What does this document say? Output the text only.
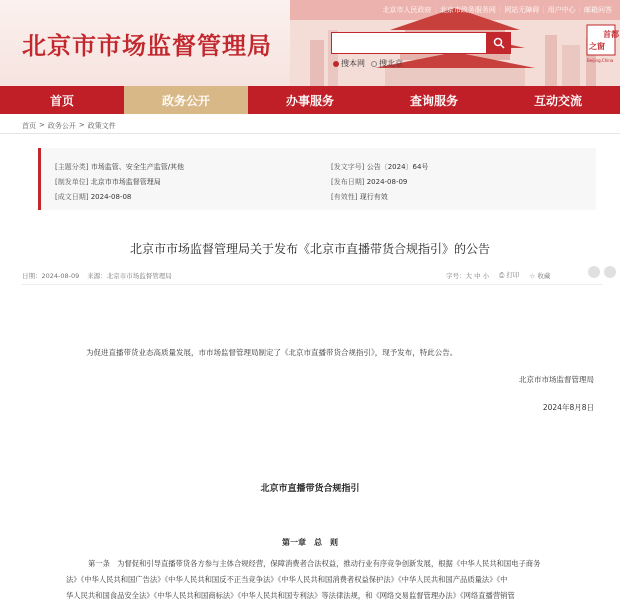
北京市人民政府 | 北京市政务服务网 | 网站无障碍 | 用户中心 | 邮箱问答
北京市市场监督管理局
搜本网	搜北京
首都
之窗
Beijing.China
首页	政务公开	办事服务	查询服务	互动交流
首页 > 政务公开 > 政策文件
[主题分类] 市场监管、安全生产监管/其他	[发文字号] 公告〔2024〕64号
[制发单位] 北京市市场监督管理局	[发布日期] 2024-08-09
[成文日期] 2024-08-08	[有效性] 现行有效
北京市市场监督管理局关于发布《北京市直播带货合规指引》的公告
日期：2024-08-09 来源：北京市市场监督管理局	字号：大 中 小 ⎙ 打印 ☆ 收藏
为促进直播带货业态高质量发展，市市场监督管理局制定了《北京市直播带货合规指引》，现予发布，特此公告。
北京市市场监督管理局
2024年8月8日
北京市直播带货合规指引
第一章　总　则
第一条　为督促和引导直播带货各方参与主体合规经营，保障消费者合法权益，推动行业有序竞争创新发展，根据《中华人民共和国电子商务
法》《中华人民共和国广告法》《中华人民共和国反不正当竞争法》《中华人民共和国消费者权益保护法》《中华人民共和国产品质量法》《中
华人民共和国食品安全法》《中华人民共和国商标法》《中华人民共和国专利法》等法律法规，和《网络交易监督管理办法》《网络直播营销管
